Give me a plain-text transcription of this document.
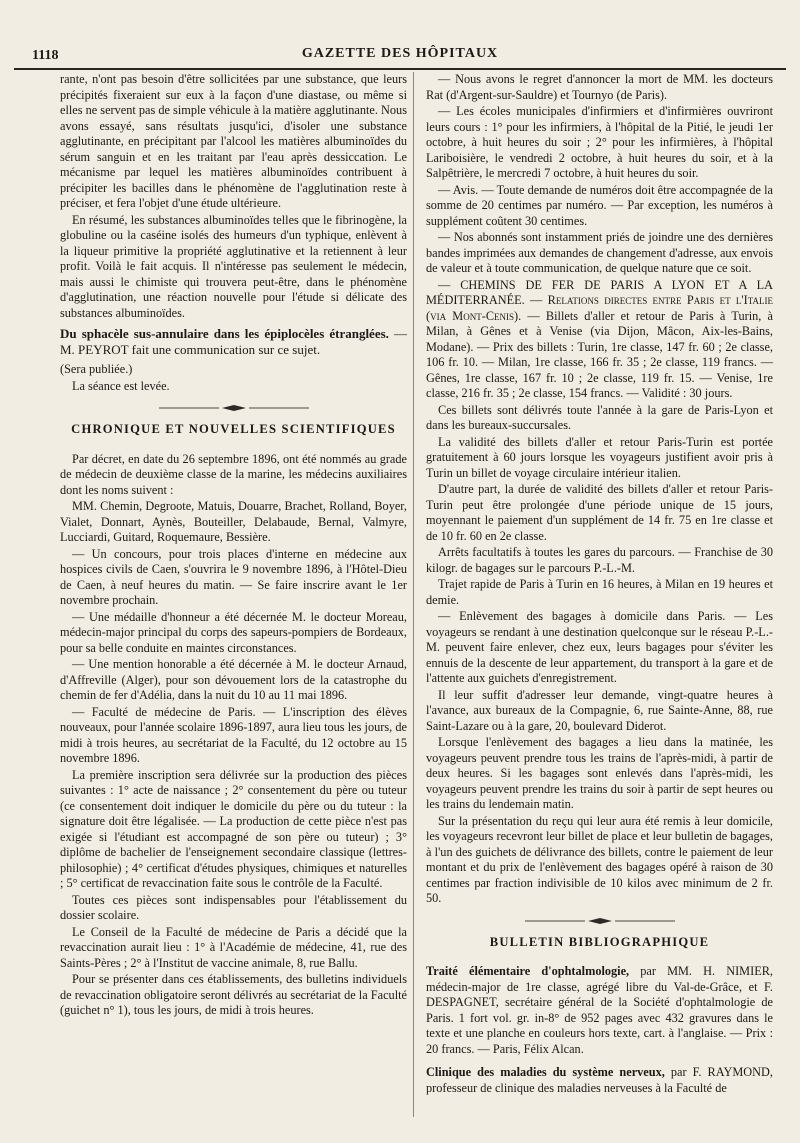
1118	GAZETTE DES HÔPITAUX

rante, n'ont pas besoin d'être sollicitées par une substance, que leurs précipités fixeraient sur eux à la façon d'une diastase, ou même si elles ne servent pas de simple véhicule à la matière agglutinante. Nous avons essayé, sans résultats jusqu'ici, d'isoler une substance agglutinante, en précipitant par l'alcool les matières albuminoïdes du sérum sanguin et en les traitant par l'eau après dessiccation. Le mécanisme par lequel les matières albuminoïdes contribuent à précipiter les bacilles dans le phénomène de l'agglutination reste à préciser, et fera l'objet d'une étude ultérieure.

En résumé, les substances albuminoïdes telles que le fibrinogène, la globuline ou la caséine isolés des humeurs d'un typhique, enlèvent à la liqueur primitive la propriété agglutinative et la retiennent à leur profit. Voilà le fait acquis. Il n'intéresse pas seulement le médecin, mais aussi le chimiste qui trouvera peut-être, dans le phénomène d'agglutination, une réaction nouvelle pour l'étude si délicate des substances albuminoïdes.

Du sphacèle sus-annulaire dans les épiplocèles étranglées. — M. PEYROT fait une communication sur ce sujet.

(Sera publiée.)

La séance est levée.

CHRONIQUE ET NOUVELLES SCIENTIFIQUES

Par décret, en date du 26 septembre 1896, ont été nommés au grade de médecin de deuxième classe de la marine, les médecins auxiliaires dont les noms suivent :

MM. Chemin, Degroote, Matuis, Douarre, Brachet, Rolland, Boyer, Vialet, Donnart, Aynès, Bouteiller, Delabaude, Bernal, Valmyre, Lucciardi, Guitard, Roquemaure, Bessière.

— Un concours, pour trois places d'interne en médecine aux hospices civils de Caen, s'ouvrira le 9 novembre 1896, à l'Hôtel-Dieu de Caen, à neuf heures du matin. — Se faire inscrire avant le 1er novembre prochain.

— Une médaille d'honneur a été décernée M. le docteur Moreau, médecin-major principal du corps des sapeurs-pompiers de Bordeaux, pour sa belle conduite en maintes circonstances.

— Une mention honorable a été décernée à M. le docteur Arnaud, d'Affreville (Alger), pour son dévouement lors de la catastrophe du chemin de fer d'Adélia, dans la nuit du 10 au 11 mai 1896.

— Faculté de médecine de Paris. — L'inscription des élèves nouveaux, pour l'année scolaire 1896-1897, aura lieu tous les jours, de midi à trois heures, au secrétariat de la Faculté, du 12 octobre au 15 novembre 1896.

La première inscription sera délivrée sur la production des pièces suivantes : 1° acte de naissance ; 2° consentement du père ou tuteur (ce consentement doit indiquer le domicile du père ou du tuteur : la signature doit être légalisée. — La production de cette pièce n'est pas exigée si l'étudiant est accompagné de son père ou tuteur) ; 3° diplôme de bachelier de l'enseignement secondaire classique (lettres-philosophie) ; 4° certificat d'études physiques, chimiques et naturelles ; 5° certificat de revaccination faite sous le contrôle de la Faculté.

Toutes ces pièces sont indispensables pour l'établissement du dossier scolaire.

Le Conseil de la Faculté de médecine de Paris a décidé que la revaccination aurait lieu : 1° à l'Académie de médecine, 41, rue des Saints-Pères ; 2° à l'Institut de vaccine animale, 8, rue Ballu.

Pour se présenter dans ces établissements, des bulletins individuels de revaccination obligatoire seront délivrés au secrétariat de la Faculté (guichet n° 1), tous les jours, de midi à trois heures.

— Nous avons le regret d'annoncer la mort de MM. les docteurs Rat (d'Argent-sur-Sauldre) et Tournyo (de Paris).

— Les écoles municipales d'infirmiers et d'infirmières ouvriront leurs cours : 1° pour les infirmiers, à l'hôpital de la Pitié, le jeudi 1er octobre, à huit heures du soir ; 2° pour les infirmières, à l'hôpital Lariboisière, le vendredi 2 octobre, à huit heures du soir, et à la Salpêtrière, le mercredi 7 octobre, à huit heures du soir.

— Avis. — Toute demande de numéros doit être accompagnée de la somme de 20 centimes par numéro. — Par exception, les numéros à supplément coûtent 30 centimes.

— Nos abonnés sont instamment priés de joindre une des dernières bandes imprimées aux demandes de changement d'adresse, aux envois de valeur et à toute communication, de quelque nature que ce soit.

— CHEMINS DE FER DE PARIS A LYON ET A LA MÉDITERRANÉE. — Relations directes entre Paris et l'Italie (via Mont-Cenis). — Billets d'aller et retour de Paris à Turin, à Milan, à Gênes et à Venise (via Dijon, Mâcon, Aix-les-Bains, Modane). — Prix des billets : Turin, 1re classe, 147 fr. 60 ; 2e classe, 106 fr. 10. — Milan, 1re classe, 166 fr. 35 ; 2e classe, 119 francs. — Gênes, 1re classe, 167 fr. 10 ; 2e classe, 119 fr. 15. — Venise, 1re classe, 216 fr. 35 ; 2e classe, 154 francs. — Validité : 30 jours.

Ces billets sont délivrés toute l'année à la gare de Paris-Lyon et dans les bureaux-succursales.

La validité des billets d'aller et retour Paris-Turin est portée gratuitement à 60 jours lorsque les voyageurs justifient avoir pris à Turin un billet de voyage circulaire intérieur italien.

D'autre part, la durée de validité des billets d'aller et retour Paris-Turin peut être prolongée d'une période unique de 15 jours, moyennant le paiement d'un supplément de 14 fr. 75 en 1re classe et de 10 fr. 60 en 2e classe.

Arrêts facultatifs à toutes les gares du parcours. — Franchise de 30 kilogr. de bagages sur le parcours P.-L.-M.

Trajet rapide de Paris à Turin en 16 heures, à Milan en 19 heures et demie.

— Enlèvement des bagages à domicile dans Paris. — Les voyageurs se rendant à une destination quelconque sur le réseau P.-L.-M. peuvent faire enlever, chez eux, leurs bagages pour s'éviter les ennuis de la descente de leur appartement, du transport à la gare et de l'attente aux guichets d'enregistrement.

Il leur suffit d'adresser leur demande, vingt-quatre heures à l'avance, aux bureaux de la Compagnie, 6, rue Sainte-Anne, 88, rue Saint-Lazare ou à la gare, 20, boulevard Diderot.

Lorsque l'enlèvement des bagages a lieu dans la matinée, les voyageurs peuvent prendre tous les trains de l'après-midi, à partir de deux heures. Si les bagages sont enlevés dans l'après-midi, les voyageurs peuvent prendre les trains du soir à partir de sept heures ou les trains du lendemain matin.

Sur la présentation du reçu qui leur aura été remis à leur domicile, les voyageurs recevront leur billet de place et leur bulletin de bagages, à l'un des guichets de délivrance des billets, contre le paiement de leur montant et du prix de l'enlèvement des bagages opéré à raison de 30 centimes par fraction indivisible de 10 kilos avec minimum de 2 fr. 50.

BULLETIN BIBLIOGRAPHIQUE

Traité élémentaire d'ophtalmologie, par MM. H. NIMIER, médecin-major de 1re classe, agrégé libre du Val-de-Grâce, et F. DESPAGNET, secrétaire général de la Société d'ophtalmologie de Paris. 1 fort vol. gr. in-8° de 952 pages avec 432 gravures dans le texte et une planche en couleurs hors texte, cart. à l'anglaise. — Prix : 20 francs. — Paris, Félix Alcan.

Clinique des maladies du système nerveux, par F. RAYMOND, professeur de clinique des maladies nerveuses à la Faculté de
